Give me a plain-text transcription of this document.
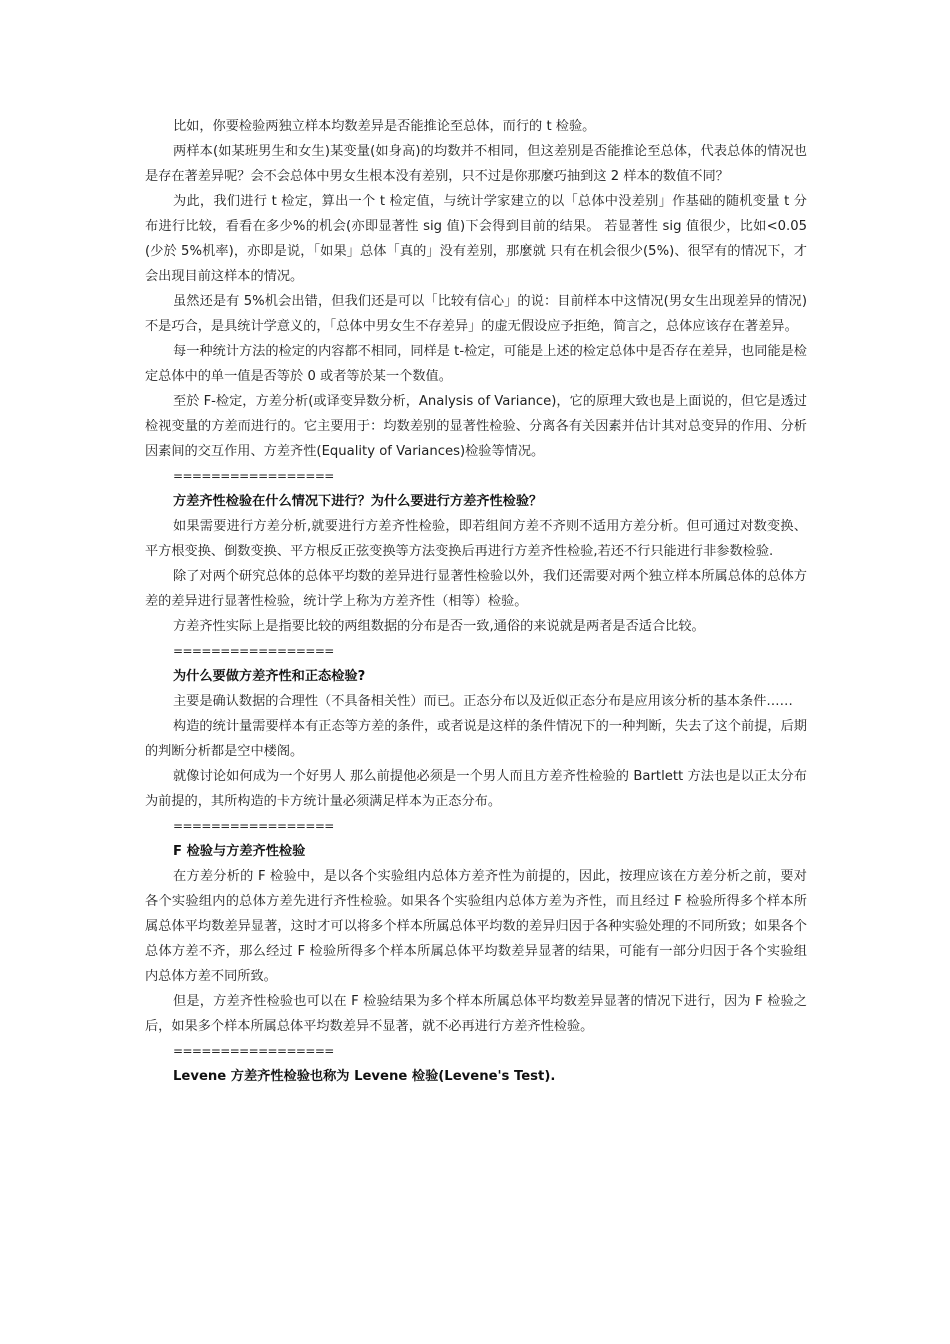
比如，你要检验两独立样本均数差异是否能推论至总体，而行的 t 检验。

两样本(如某班男生和女生)某变量(如身高)的均数并不相同，但这差别是否能推论至总体，代表总体的情况也是存在著差异呢？会不会总体中男女生根本没有差别，只不过是你那麼巧抽到这 2 样本的数值不同？

为此，我们进行 t 检定，算出一个 t 检定值，与统计学家建立的以「总体中没差别」作基础的随机变量 t 分布进行比较，看看在多少%的机会(亦即显著性 sig 值)下会得到目前的结果。 若显著性 sig 值很少，比如<0.05(少於 5%机率)，亦即是说，「如果」总体「真的」没有差别，那麼就 只有在机会很少(5%)、很罕有的情况下，才会出现目前这样本的情况。

虽然还是有 5%机会出错，但我们还是可以「比较有信心」的说：目前样本中这情况(男女生出现差异的情况)不是巧合，是具统计学意义的，「总体中男女生不存差异」的虚无假设应予拒绝，简言之，总体应该存在著差异。

每一种统计方法的检定的内容都不相同，同样是 t-检定，可能是上述的检定总体中是否存在差异，也同能是检定总体中的单一值是否等於 0 或者等於某一个数值。

至於 F-检定，方差分析(或译变异数分析，Analysis of Variance)，它的原理大致也是上面说的，但它是透过检视变量的方差而进行的。它主要用于：均数差别的显著性检验、分离各有关因素并估计其对总变异的作用、分析因素间的交互作用、方差齐性(Equality of Variances)检验等情况。

=================

方差齐性检验在什么情况下进行？为什么要进行方差齐性检验？

如果需要进行方差分析,就要进行方差齐性检验，即若组间方差不齐则不适用方差分析。但可通过对数变换、平方根变换、倒数变换、平方根反正弦变换等方法变换后再进行方差齐性检验,若还不行只能进行非参数检验.

除了对两个研究总体的总体平均数的差异进行显著性检验以外，我们还需要对两个独立样本所属总体的总体方差的差异进行显著性检验，统计学上称为方差齐性（相等）检验。

方差齐性实际上是指要比较的两组数据的分布是否一致,通俗的来说就是两者是否适合比较。

=================

为什么要做方差齐性和正态检验?

主要是确认数据的合理性（不具备相关性）而已。正态分布以及近似正态分布是应用该分析的基本条件……

构造的统计量需要样本有正态等方差的条件，或者说是这样的条件情况下的一种判断，失去了这个前提，后期的判断分析都是空中楼阁。

就像讨论如何成为一个好男人 那么前提他必须是一个男人而且方差齐性检验的 Bartlett 方法也是以正太分布为前提的，其所构造的卡方统计量必须满足样本为正态分布。

=================

F 检验与方差齐性检验

在方差分析的 F 检验中，是以各个实验组内总体方差齐性为前提的，因此，按理应该在方差分析之前，要对各个实验组内的总体方差先进行齐性检验。如果各个实验组内总体方差为齐性，而且经过 F 检验所得多个样本所属总体平均数差异显著，这时才可以将多个样本所属总体平均数的差异归因于各种实验处理的不同所致；如果各个总体方差不齐，那么经过 F 检验所得多个样本所属总体平均数差异显著的结果，可能有一部分归因于各个实验组内总体方差不同所致。

但是，方差齐性检验也可以在 F 检验结果为多个样本所属总体平均数差异显著的情况下进行，因为 F 检验之后，如果多个样本所属总体平均数差异不显著，就不必再进行方差齐性检验。

=================

Levene 方差齐性检验也称为 Levene 检验(Levene's Test).
